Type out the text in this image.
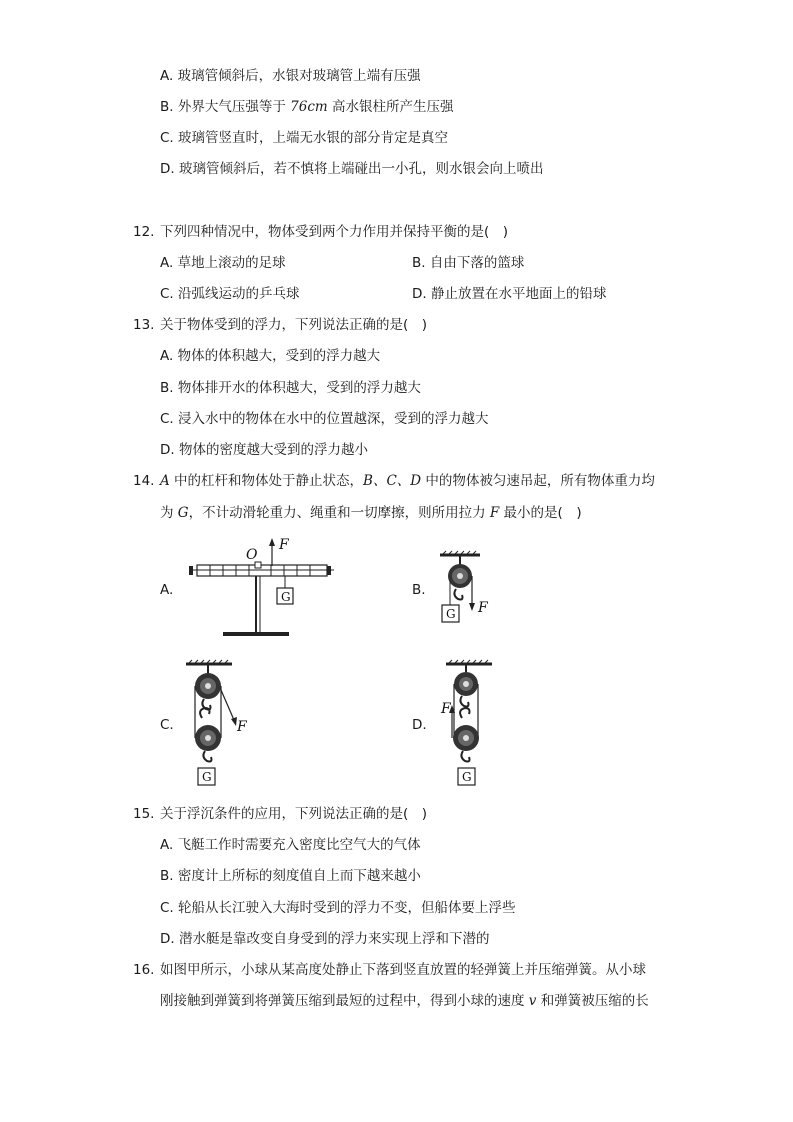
A. 玻璃管倾斜后，水银对玻璃管上端有压强
B. 外界大气压强等于 76cm 高水银柱所产生压强
C. 玻璃管竖直时，上端无水银的部分肯定是真空
D. 玻璃管倾斜后，若不慎将上端碰出一小孔，则水银会向上喷出
12. 下列四种情况中，物体受到两个力作用并保持平衡的是(　)
A. 草地上滚动的足球	B. 自由下落的篮球
C. 沿弧线运动的乒乓球	D. 静止放置在水平地面上的铅球
13. 关于物体受到的浮力，下列说法正确的是(　)
A. 物体的体积越大，受到的浮力越大
B. 物体排开水的体积越大，受到的浮力越大
C. 浸入水中的物体在水中的位置越深，受到的浮力越大
D. 物体的密度越大受到的浮力越小
14. A 中的杠杆和物体处于静止状态，B、C、D 中的物体被匀速吊起，所有物体重力均
为 G，不计动滑轮重力、绳重和一切摩擦，则所用拉力 F 最小的是(　)
A.	B.
C.	D.
O
F
G
F
G
F
G
F
G
15. 关于浮沉条件的应用，下列说法正确的是(　)
A. 飞艇工作时需要充入密度比空气大的气体
B. 密度计上所标的刻度值自上而下越来越小
C. 轮船从长江驶入大海时受到的浮力不变，但船体要上浮些
D. 潜水艇是靠改变自身受到的浮力来实现上浮和下潜的
16. 如图甲所示，小球从某高度处静止下落到竖直放置的轻弹簧上并压缩弹簧。从小球
刚接触到弹簧到将弹簧压缩到最短的过程中，得到小球的速度 v 和弹簧被压缩的长
